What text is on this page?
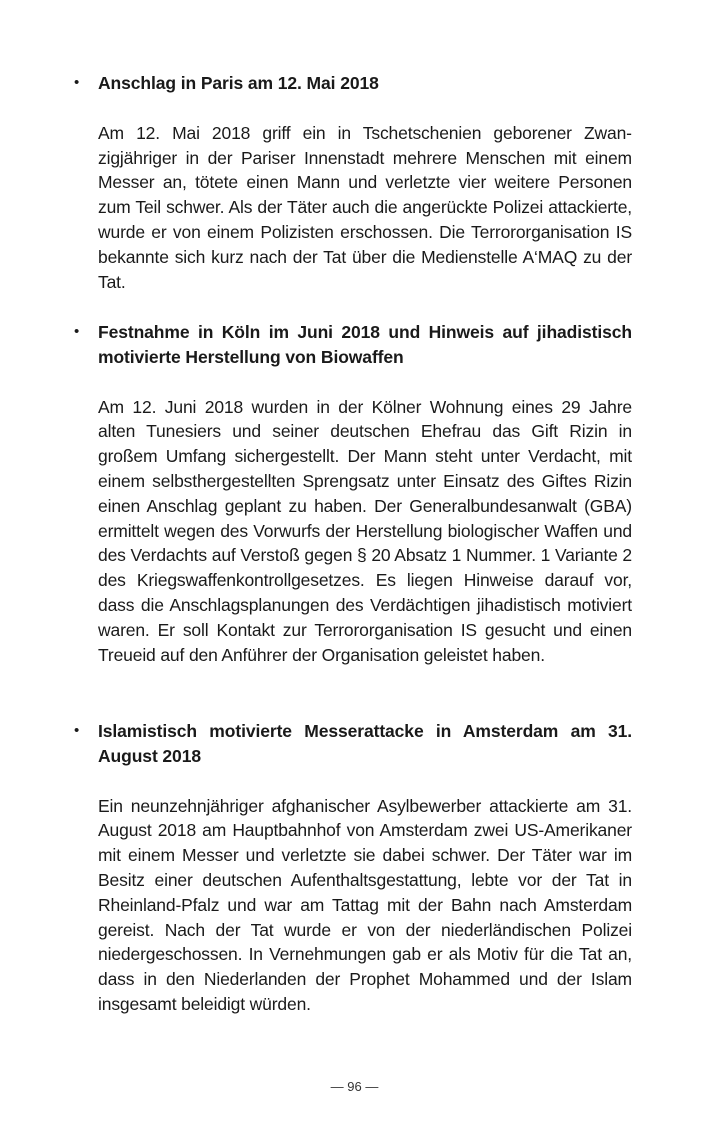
•	Anschlag in Paris am 12. Mai 2018

Am 12. Mai 2018 griff ein in Tschetschenien geborener Zwanzigjähriger in der Pariser Innenstadt mehrere Menschen mit einem Messer an, tötete einen Mann und verletzte vier weitere Personen zum Teil schwer. Als der Täter auch die angerückte Polizei attackierte, wurde er von einem Polizisten erschossen. Die Terrororganisation IS bekannte sich kurz nach der Tat über die Medienstelle A‘MAQ zu der Tat.

•	Festnahme in Köln im Juni 2018 und Hinweis auf jihadistisch motivierte Herstellung von Biowaffen

Am 12. Juni 2018 wurden in der Kölner Wohnung eines 29 Jahre alten Tunesiers und seiner deutschen Ehefrau das Gift Rizin in großem Umfang sichergestellt. Der Mann steht unter Verdacht, mit einem selbsthergestellten Sprengsatz unter Einsatz des Giftes Rizin einen Anschlag geplant zu haben. Der Generalbundesanwalt (GBA) ermittelt wegen des Vorwurfs der Herstellung biologischer Waffen und des Verdachts auf Verstoß gegen § 20 Absatz 1 Nummer. 1 Variante 2 des Kriegswaffenkontrollgesetzes. Es liegen Hinweise darauf vor, dass die Anschlagsplanungen des Verdächtigen jihadistisch motiviert waren. Er soll Kontakt zur Terrororganisation IS gesucht und einen Treueid auf den Anführer der Organisation geleistet haben.

•	Islamistisch motivierte Messerattacke in Amsterdam am 31. August 2018

Ein neunzehnjähriger afghanischer Asylbewerber attackierte am 31. August 2018 am Hauptbahnhof von Amsterdam zwei US-Amerikaner mit einem Messer und verletzte sie dabei schwer. Der Täter war im Besitz einer deutschen Aufenthaltsgestattung, lebte vor der Tat in Rheinland-Pfalz und war am Tattag mit der Bahn nach Amsterdam gereist. Nach der Tat wurde er von der niederländischen Polizei niedergeschossen. In Vernehmungen gab er als Motiv für die Tat an, dass in den Niederlanden der Prophet Mohammed und der Islam insgesamt beleidigt würden.

— 96 —
